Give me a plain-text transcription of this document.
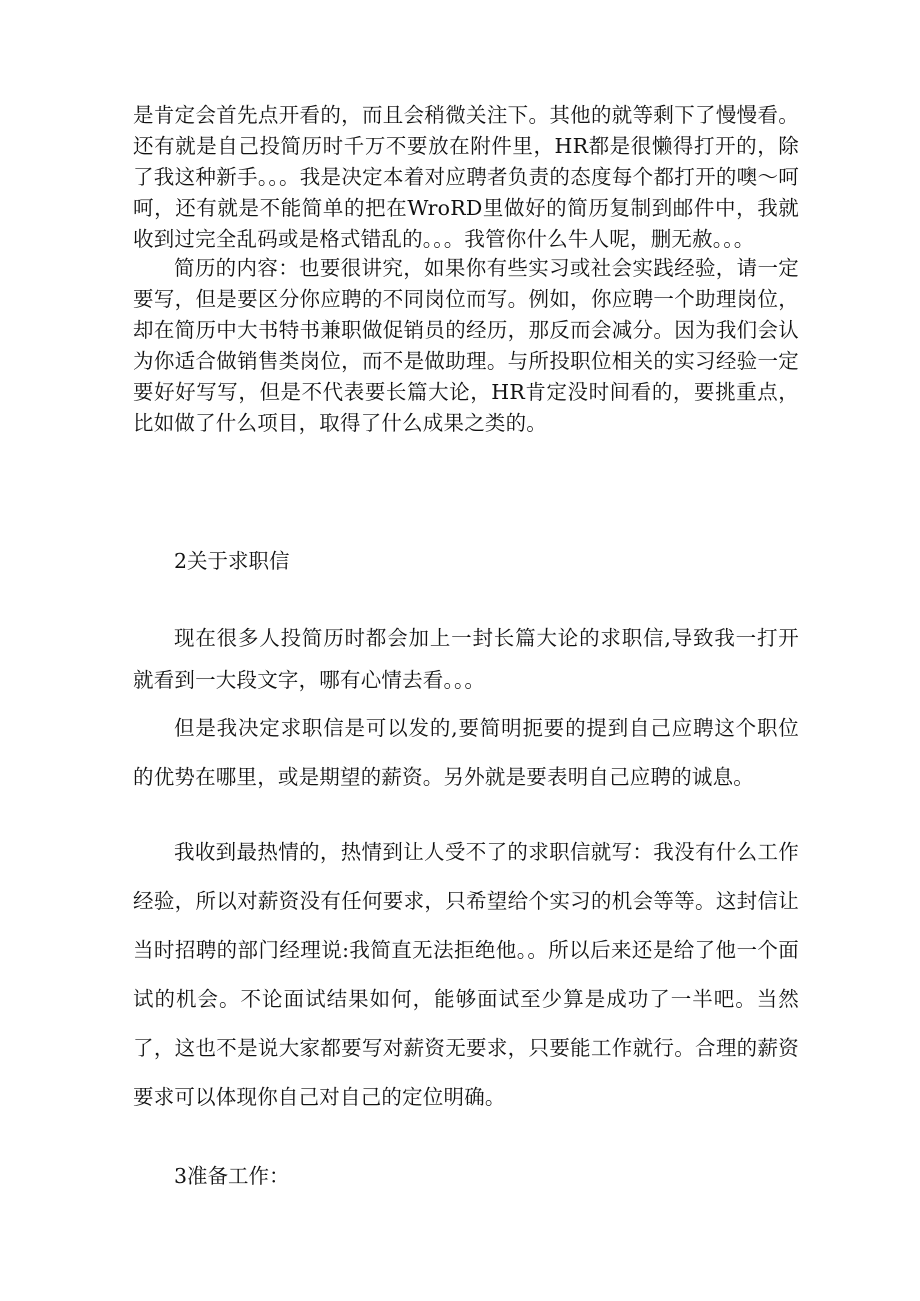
是肯定会首先点开看的，而且会稍微关注下。其他的就等剩下了慢慢看。还有就是自己投简历时千万不要放在附件里，HR都是很懒得打开的，除了我这种新手。。。我是决定本着对应聘者负责的态度每个都打开的噢～呵呵，还有就是不能简单的把在WroRD里做好的简历复制到邮件中，我就收到过完全乱码或是格式错乱的。。。我管你什么牛人呢，删无赦。。。

简历的内容：也要很讲究，如果你有些实习或社会实践经验，请一定要写，但是要区分你应聘的不同岗位而写。例如，你应聘一个助理岗位，却在简历中大书特书兼职做促销员的经历，那反而会减分。因为我们会认为你适合做销售类岗位，而不是做助理。与所投职位相关的实习经验一定要好好写写，但是不代表要长篇大论，HR肯定没时间看的，要挑重点，比如做了什么项目，取得了什么成果之类的。

2关于求职信

现在很多人投简历时都会加上一封长篇大论的求职信,导致我一打开就看到一大段文字，哪有心情去看。。。

但是我决定求职信是可以发的,要简明扼要的提到自己应聘这个职位的优势在哪里，或是期望的薪资。另外就是要表明自己应聘的诚息。

我收到最热情的，热情到让人受不了的求职信就写：我没有什么工作经验，所以对薪资没有任何要求，只希望给个实习的机会等等。这封信让当时招聘的部门经理说:我简直无法拒绝他。。所以后来还是给了他一个面试的机会。不论面试结果如何，能够面试至少算是成功了一半吧。当然了，这也不是说大家都要写对薪资无要求，只要能工作就行。合理的薪资要求可以体现你自己对自己的定位明确。

3准备工作：
